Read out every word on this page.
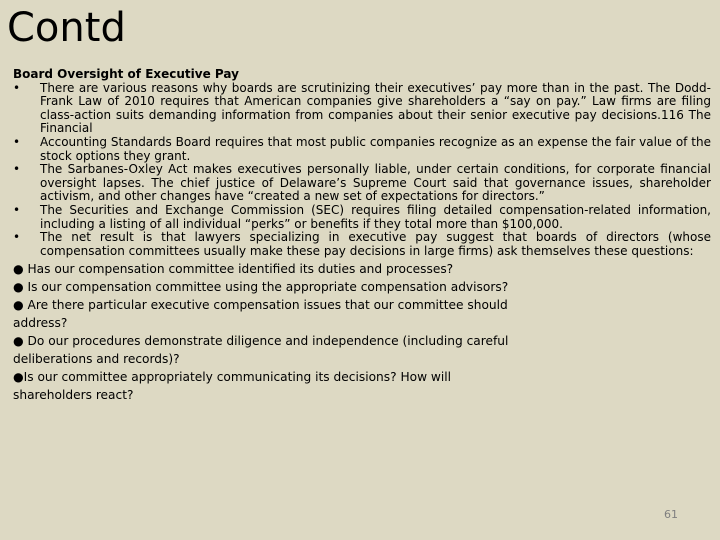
Contd

Board Oversight of Executive Pay

• There are various reasons why boards are scrutinizing their executives’ pay more than in the past. The Dodd-Frank Law of 2010 requires that American companies give shareholders a “say on pay.” Law firms are filing class-action suits demanding information from companies about their senior executive pay decisions.116 The Financial

• Accounting Standards Board requires that most public companies recognize as an expense the fair value of the stock options they grant.

• The Sarbanes-Oxley Act makes executives personally liable, under certain conditions, for corporate financial oversight lapses. The chief justice of Delaware’s Supreme Court said that governance issues, shareholder activism, and other changes have “created a new set of expectations for directors.”

• The Securities and Exchange Commission (SEC) requires filing detailed compensation-related information, including a listing of all individual “perks” or benefits if they total more than $100,000.

• The net result is that lawyers specializing in executive pay suggest that boards of directors (whose compensation committees usually make these pay decisions in large firms) ask themselves these questions:

● Has our compensation committee identified its duties and processes?

● Is our compensation committee using the appropriate compensation advisors?

● Are there particular executive compensation issues that our committee should address?

● Do our procedures demonstrate diligence and independence (including careful deliberations and records)?

●Is our committee appropriately communicating its decisions? How will shareholders react?

61
